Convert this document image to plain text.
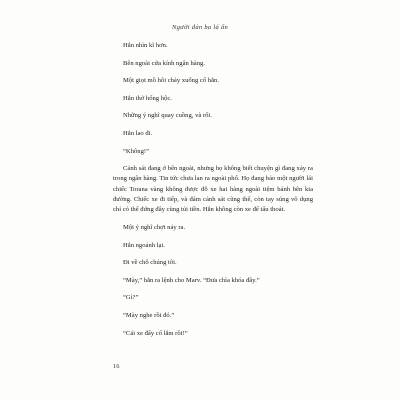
Người đàn ba lá ẩn

Hắn nhìn kĩ hơn.

Bên ngoài cửa kính ngân hàng.

Một giọt mồ hôi chảy xuống cổ hắn.

Hắn thở hổng hộc.

Những ý nghĩ quay cuồng, và rối.

Hắn lao đi.

“Không!”

Cảnh sát đang ở bên ngoài, nhưng họ không biết chuyện gì đang xảy ra trong ngân hàng. Tin tức chưa lan ra ngoài phố. Họ đang bảo một người lái chiếc Torana vàng không được đỗ xe hai hàng ngoài tiệm bánh bên kia đường. Chiếc xe đi tiếp, và đám cảnh sát cũng thế, còn tay súng vô dụng chỉ có thể đứng đây cùng túi tiền. Hắn không còn xe để tẩu thoát.

Một ý nghĩ chợt nảy ra.

Hắn ngoảnh lại.

Đi về chỗ chúng tôi.

“Mày,” hắn ra lệnh cho Marv. “Đưa chìa khóa đây.”

“Gì?”

“Mày nghe rồi đó.”

“Cái xe đấy cổ lắm rồi!”

16
